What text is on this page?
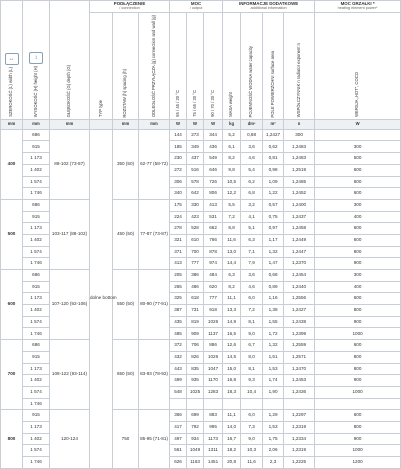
↔
SZEROKOŚĆ (L) width (L)	↕
WYSOKOŚĆ (H) height (H)	GŁĘBOKOŚĆ (G) depth (G)	PODŁĄCZENIE
/ connection			MOC
/ output			INFORMACJE DODATKOWE
additional information				MOC GRZAŁKI *
heating element power*

			TYP type	ROZSTAW (h) spacing (h)	ODLEGŁOŚĆ PRZYŁĄCZA (g) connection and wall (g)	55 / 45 / 20 °C	75 / 65 / 20 °C	90 / 70 / 20 °C	MASA weight	POJEMNOŚĆ WODNA water capacity	POLE POWIERZCHNI surface area	WSPÓŁCZYNNIK n radiator exponent n	WERSJA „HOT”, COCO
mm	mm	mm		mm	mm	W	W	W	kg	dm³	m²	n	W
400	686	88-102 (73-87)	dolne bottom	350 (50)	62-77 (58-72)	144	273	344	5,2	0,88	1,2427	300	
	915					185	349	436	6,1	3,6	0,62	1,2483	300
	1 173					230	437	549	8,2	4,6	0,81	1,2483	500
	1 402					272	516	646	9,8	5,4	0,98	1,2519	600
	1 574					306	578	726	10,5	6,2	1,09	1,2485	600
	1 746					340	642	806	12,2	6,8	1,22	1,2452	600
500	686	103-117 (88-102)		450 (50)	77-87 (73-87)	175	330	413	5,5	3,2	0,57	1,2400	300
	915					224	423	531	7,2	4,1	0,75	1,2437	400
	1 173					278	528	662	8,8	5,1	0,97	1,2458	600
	1 402					321	610	766	11,6	6,3	1,17	1,2449	600
	1 574					371	700	878	13,0	7,1	1,32	1,2447	800
	1 746					413	777	974	14,4	7,9	1,47	1,2370	900
600	686	107-120 (92-106)		550 (50)	80-90 (77-91)	205	386	484	6,3	3,6	0,68	1,2454	300
	915					265	486	620	8,2	4,6	0,89	1,2440	400
	1 173					325	618	777	11,1	6,0	1,16	1,2556	600
	1 402					387	731	918	13,3	7,2	1,38	1,2427	800
	1 574					435	819	1026	14,9	8,1	1,55	1,2438	900
	1 746					485	909	1137	16,5	9,0	1,72	1,2399	1000
700	686	108-122 (93-114)		650 (50)	83-93 (78-92)	372	706	886	12,6	6,7	1,32	1,2559	600
	915					432	826	1026	14,5	8,0	1,51	1,2571	800
	1 173					443	835	1047	15,0	8,1	1,53	1,2470	800
	1 402					499	935	1170	16,8	9,3	1,74	1,2453	900
	1 574					548	1025	1283	18,3	10,4	1,90	1,2436	1000
	1 746												
800	915	120-124		750	85-95 (71-81)	366	699	883	11,1	6,0	1,29	1,2297	600
	1 173					417	792	995	14,0	7,3	1,53	1,2319	800
	1 402					497	934	1173	16,7	9,0	1,75	1,2334	900
	1 574					561	1049	1311	18,2	10,3	2,06	1,2319	1000
	1 746					626	1163	1451	20,8	11,6	2,3	1,2225	1200
